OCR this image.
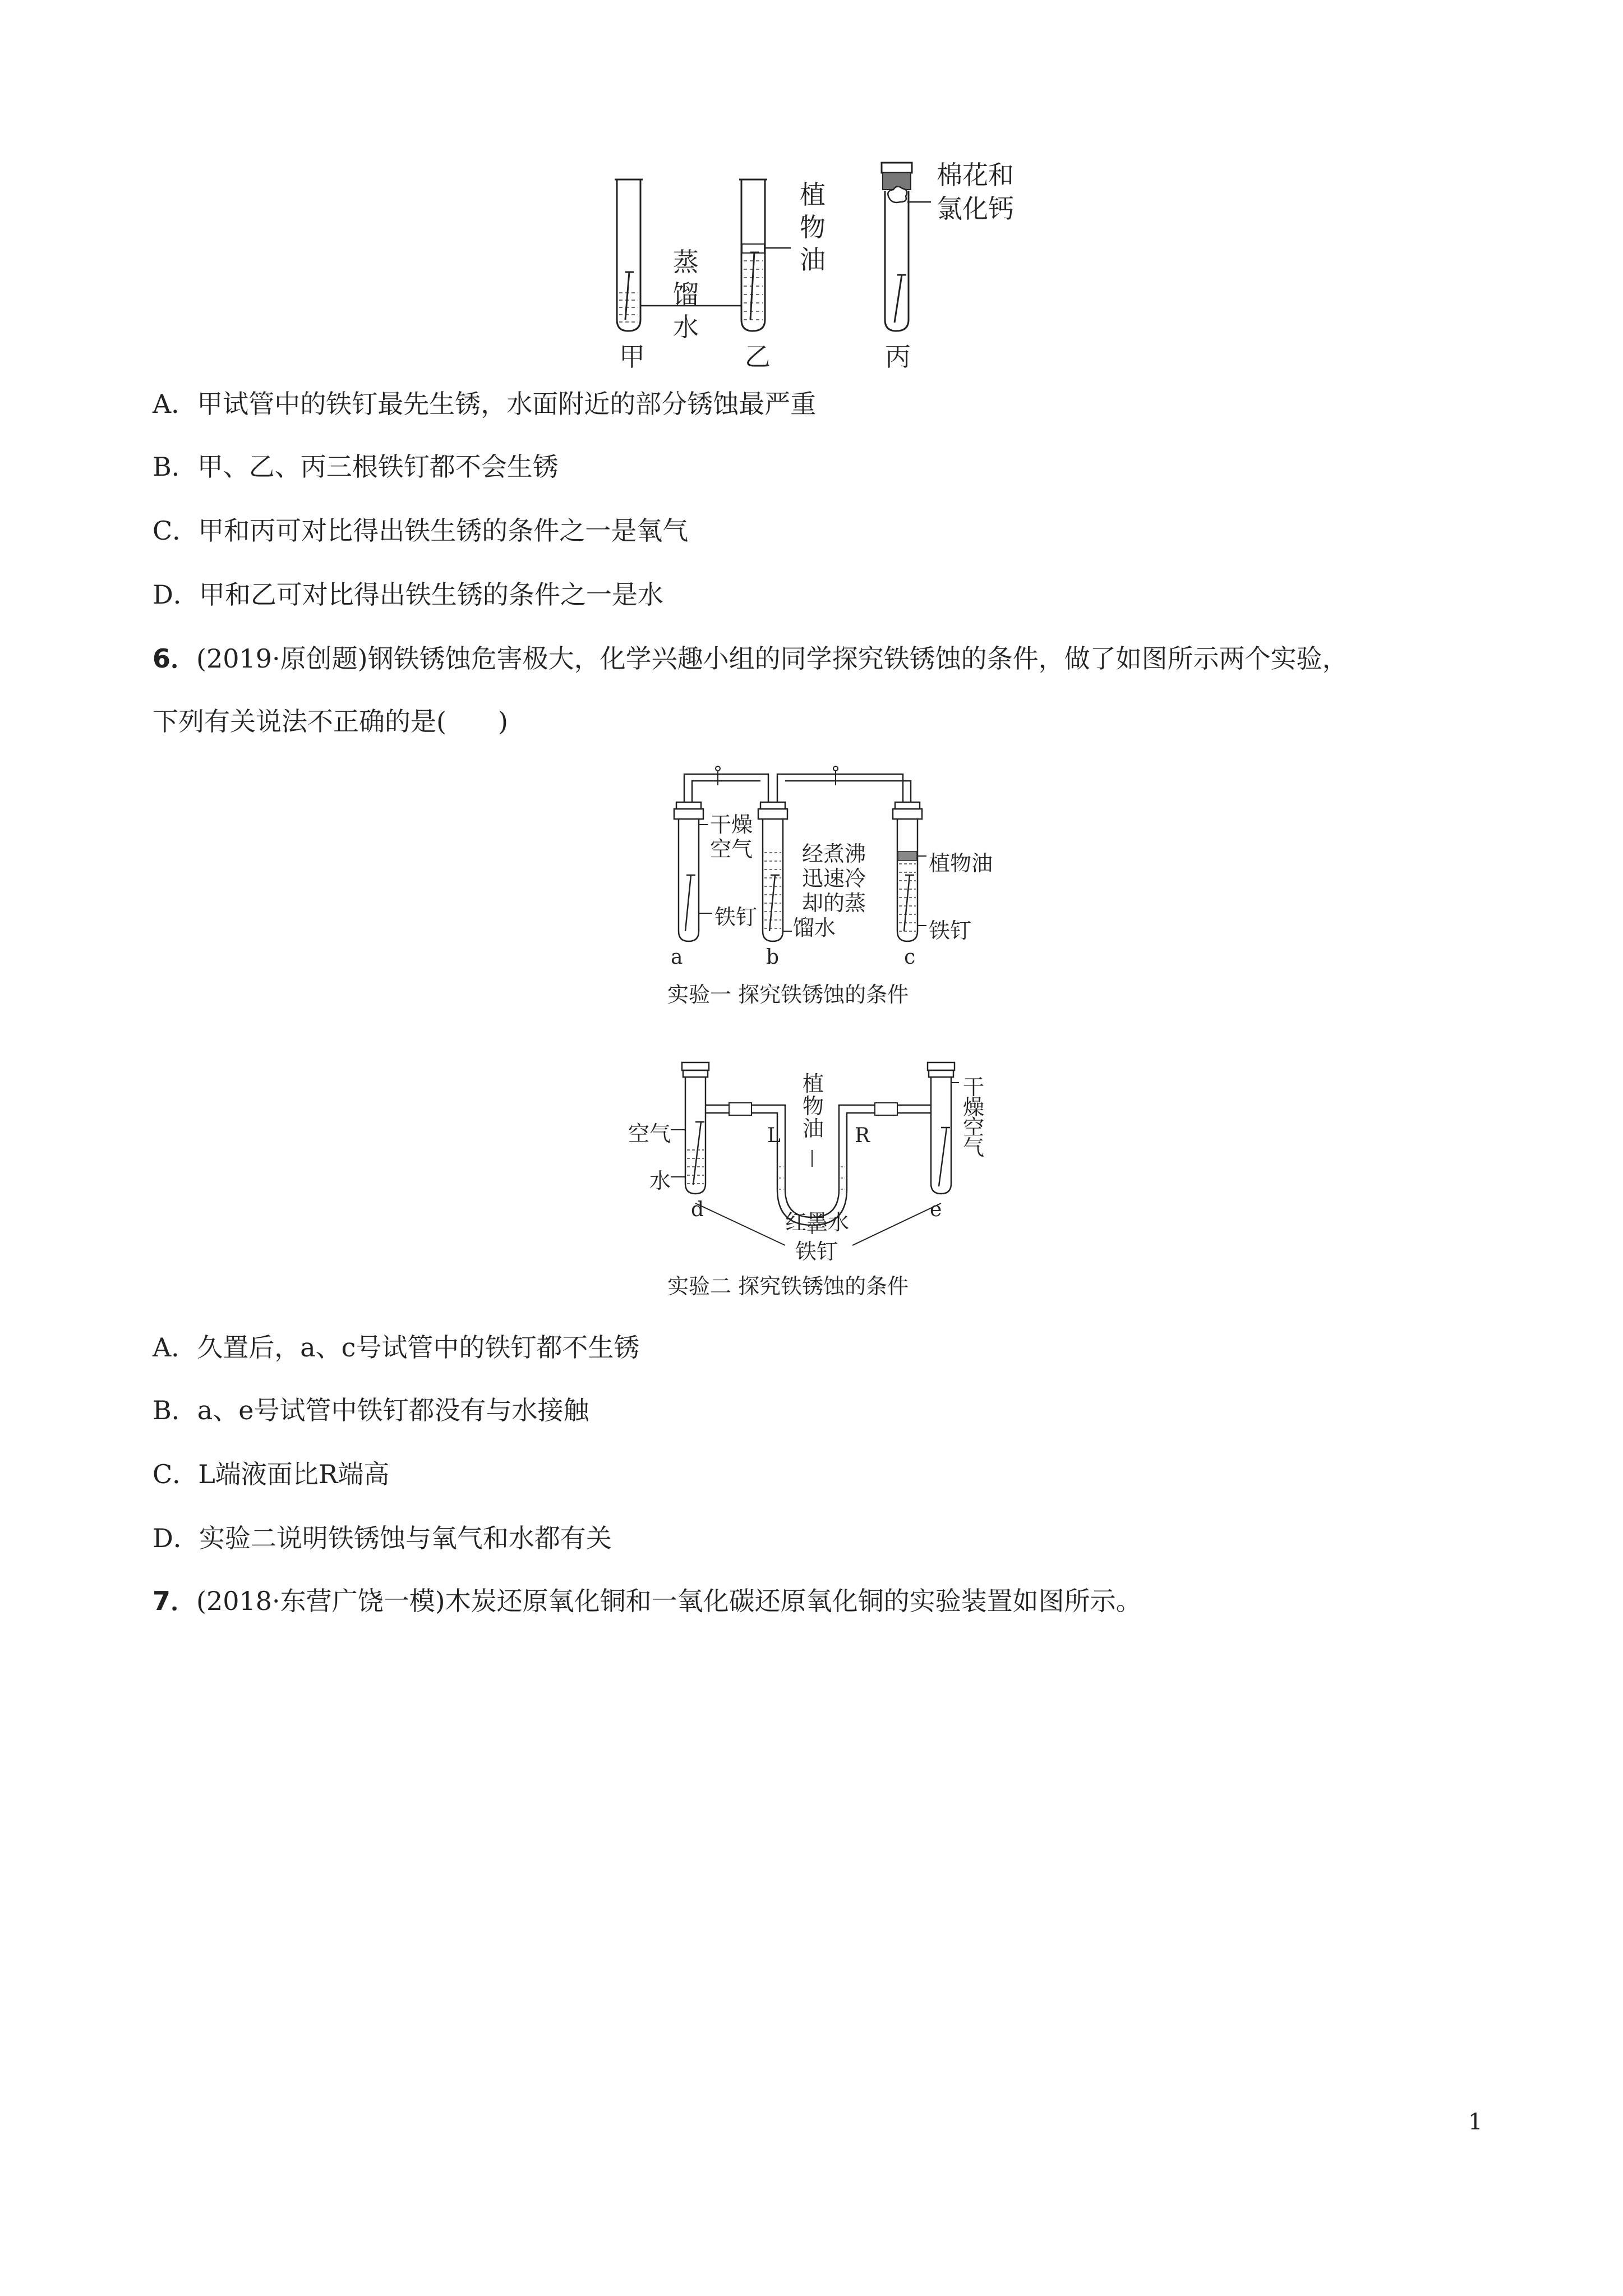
植
物
油
蒸
馏
水
棉花和
氯化钙
甲	乙	丙
A．甲试管中的铁钉最先生锈，水面附近的部分锈蚀最严重
B．甲、乙、丙三根铁钉都不会生锈
C．甲和丙可对比得出铁生锈的条件之一是氧气
D．甲和乙可对比得出铁生锈的条件之一是水
6．(2019·原创题)钢铁锈蚀危害极大，化学兴趣小组的同学探究铁锈蚀的条件，做了如图所示两个实验，
下列有关说法不正确的是(　　)
干燥
空气 经煮沸
迅速冷
却的蒸
馏水
植物油
铁钉
铁钉
a	b	c
实验一 探究铁锈蚀的条件
空气
水
植
物
油
L	R
干
燥
空
气
d	e
红墨水
铁钉
实验二 探究铁锈蚀的条件
A．久置后，a、c号试管中的铁钉都不生锈
B．a、e号试管中铁钉都没有与水接触
C．L端液面比R端高
D．实验二说明铁锈蚀与氧气和水都有关
7．(2018·东营广饶一模)木炭还原氧化铜和一氧化碳还原氧化铜的实验装置如图所示。
1
